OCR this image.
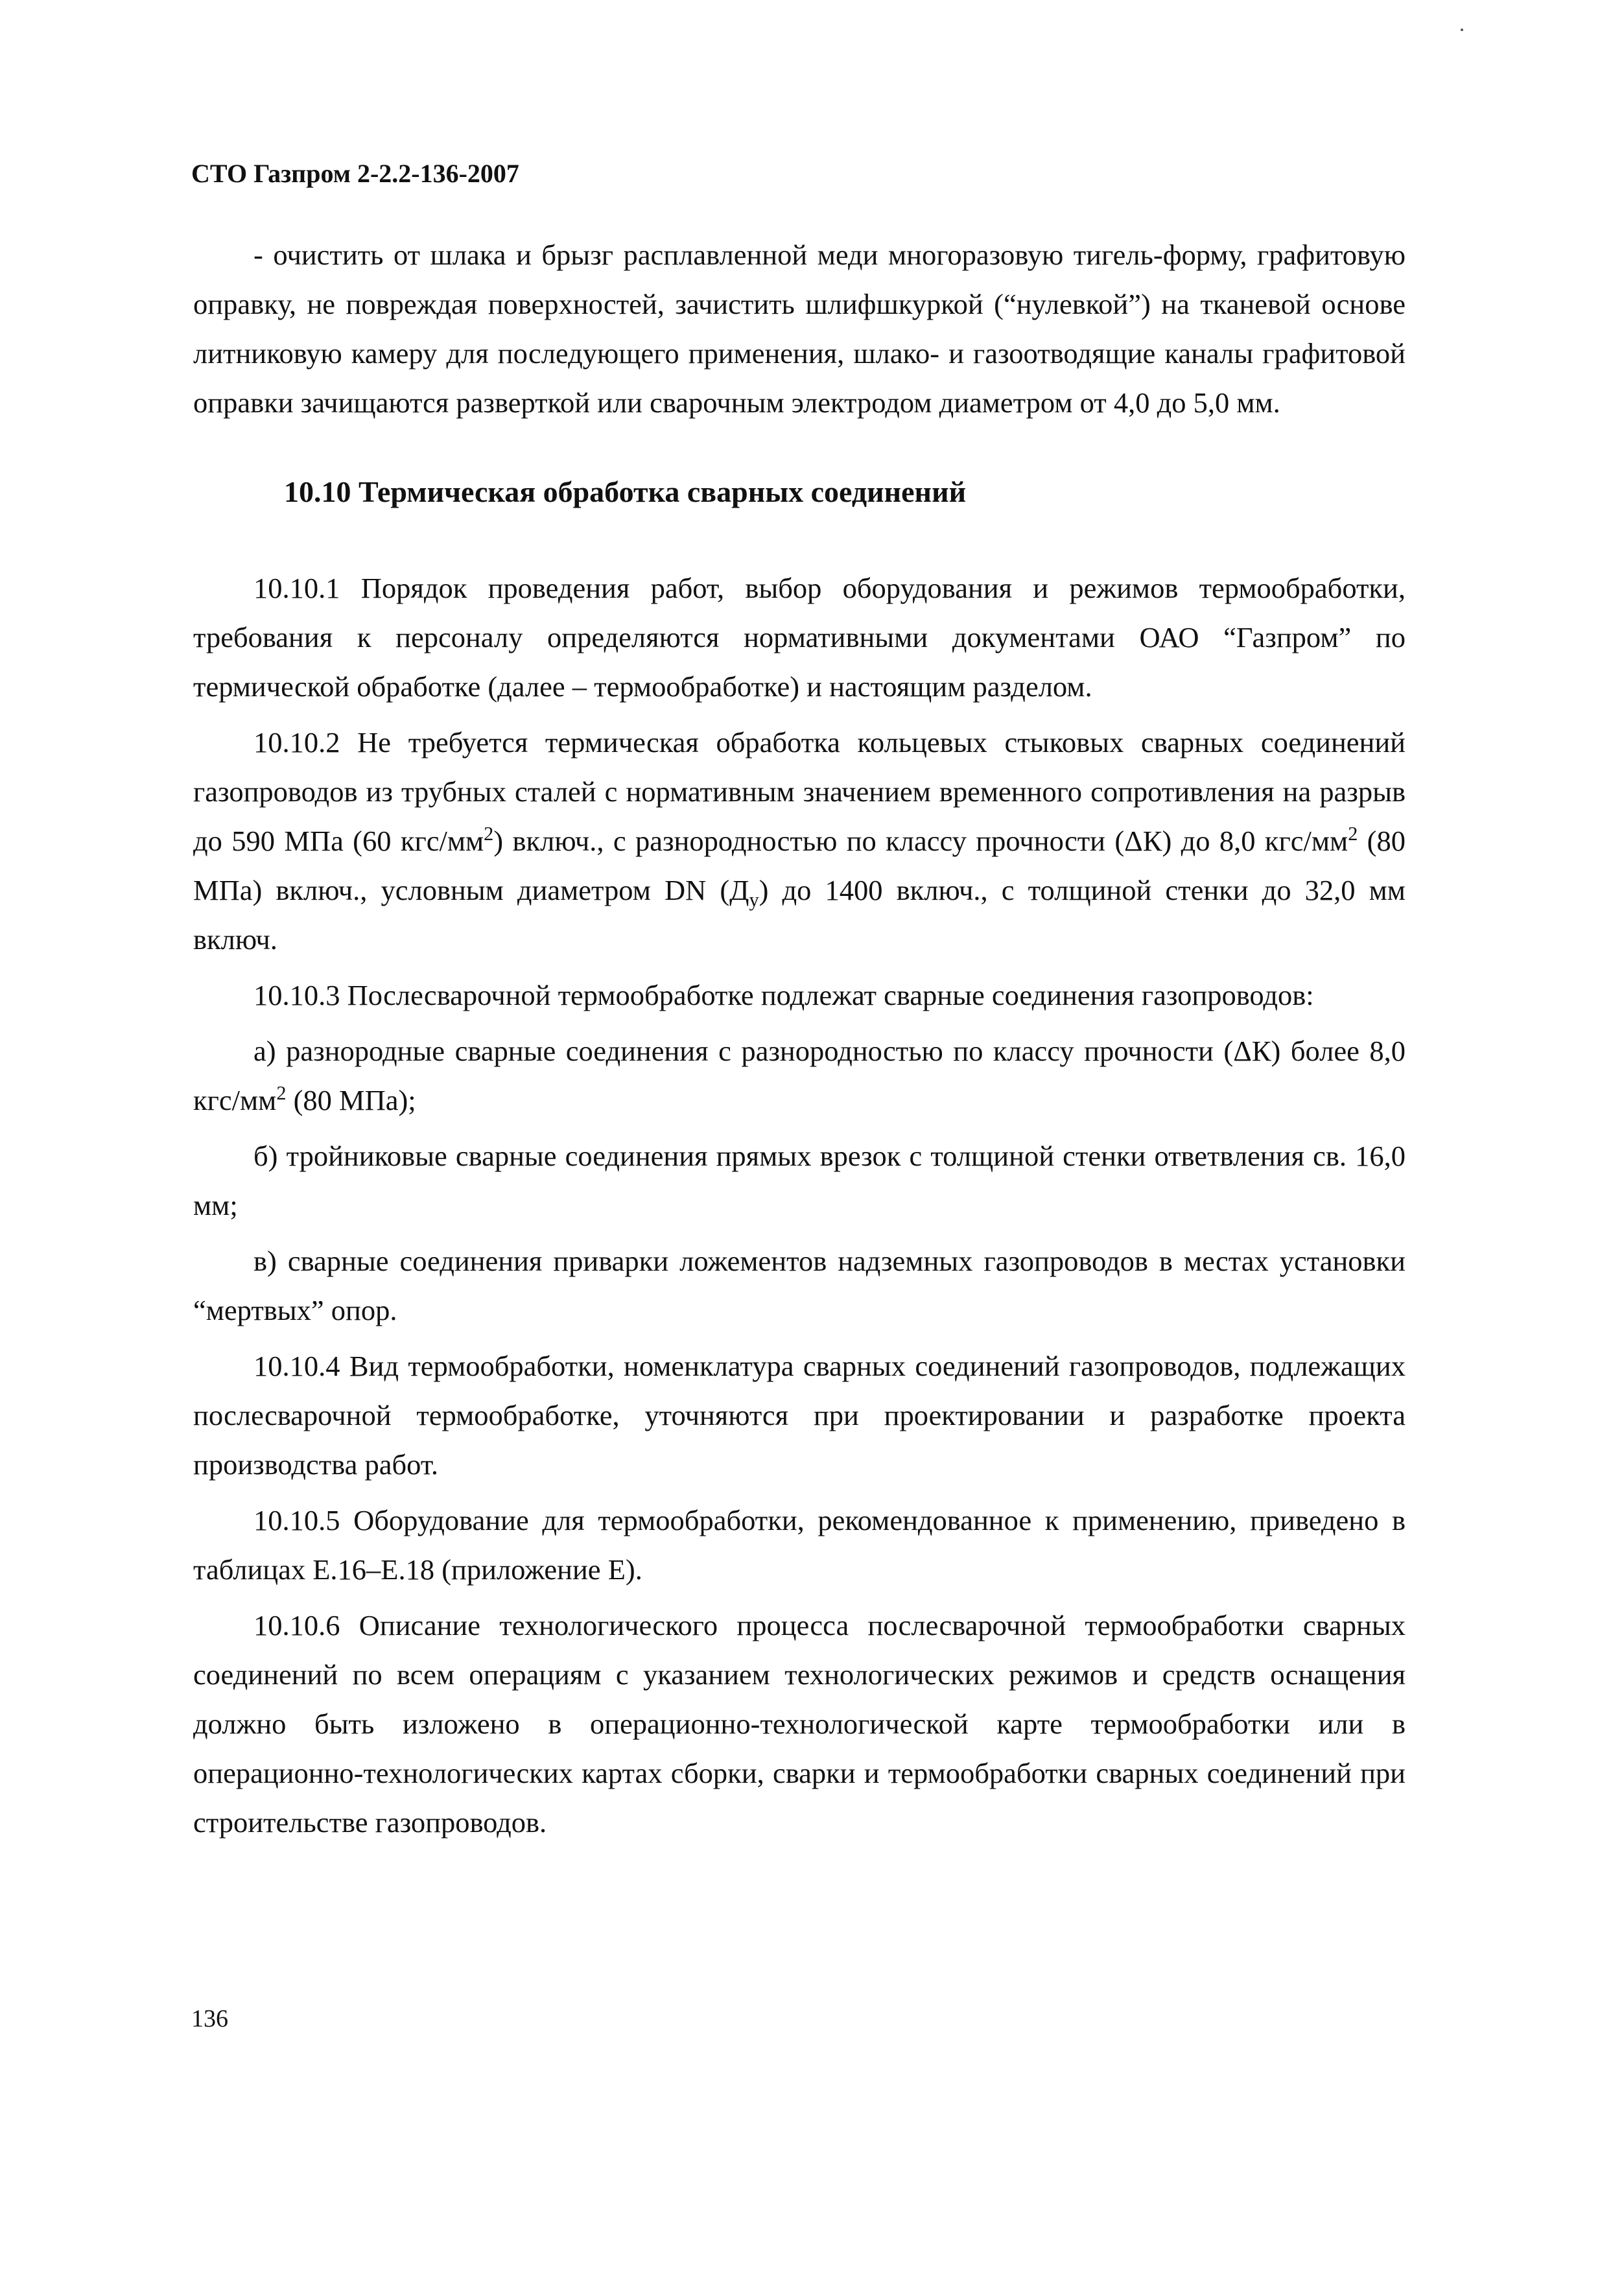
СТО Газпром 2-2.2-136-2007

- очистить от шлака и брызг расплавленной меди многоразовую тигель-форму, графитовую оправку, не повреждая поверхностей, зачистить шлифшкуркой (“нулевкой”) на тканевой основе литниковую камеру для последующего применения, шлако- и газоотводящие каналы графитовой оправки зачищаются разверткой или сварочным электродом диаметром от 4,0 до 5,0 мм.

10.10 Термическая обработка сварных соединений

10.10.1 Порядок проведения работ, выбор оборудования и режимов термообработки, требования к персоналу определяются нормативными документами ОАО “Газпром” по термической обработке (далее – термообработке) и настоящим разделом.

10.10.2 Не требуется термическая обработка кольцевых стыковых сварных соединений газопроводов из трубных сталей с нормативным значением временного сопротивления на разрыв до 590 МПа (60 кгс/$мм^2$) включ., с разнородностью по классу прочности (ΔК) до 8,0 кгс/$мм^2$ (80 МПа) включ., условным диаметром DN $(Д_у)$ до 1400 включ., с толщиной стенки до 32,0 мм включ.

10.10.3 Послесварочной термообработке подлежат сварные соединения газопроводов:

а) разнородные сварные соединения с разнородностью по классу прочности (ΔК) более 8,0 кгс/$мм^2$ (80 МПа);

б) тройниковые сварные соединения прямых врезок с толщиной стенки ответвления св. 16,0 мм;

в) сварные соединения приварки ложементов надземных газопроводов в местах установки “мертвых” опор.

10.10.4 Вид термообработки, номенклатура сварных соединений газопроводов, подлежащих послесварочной термообработке, уточняются при проектировании и разработке проекта производства работ.

10.10.5 Оборудование для термообработки, рекомендованное к применению, приведено в таблицах Е.16–Е.18 (приложение Е).

10.10.6 Описание технологического процесса послесварочной термообработки сварных соединений по всем операциям с указанием технологических режимов и средств оснащения должно быть изложено в операционно-технологической карте термообработки или в операционно-технологических картах сборки, сварки и термообработки сварных соединений при строительстве газопроводов.

136
